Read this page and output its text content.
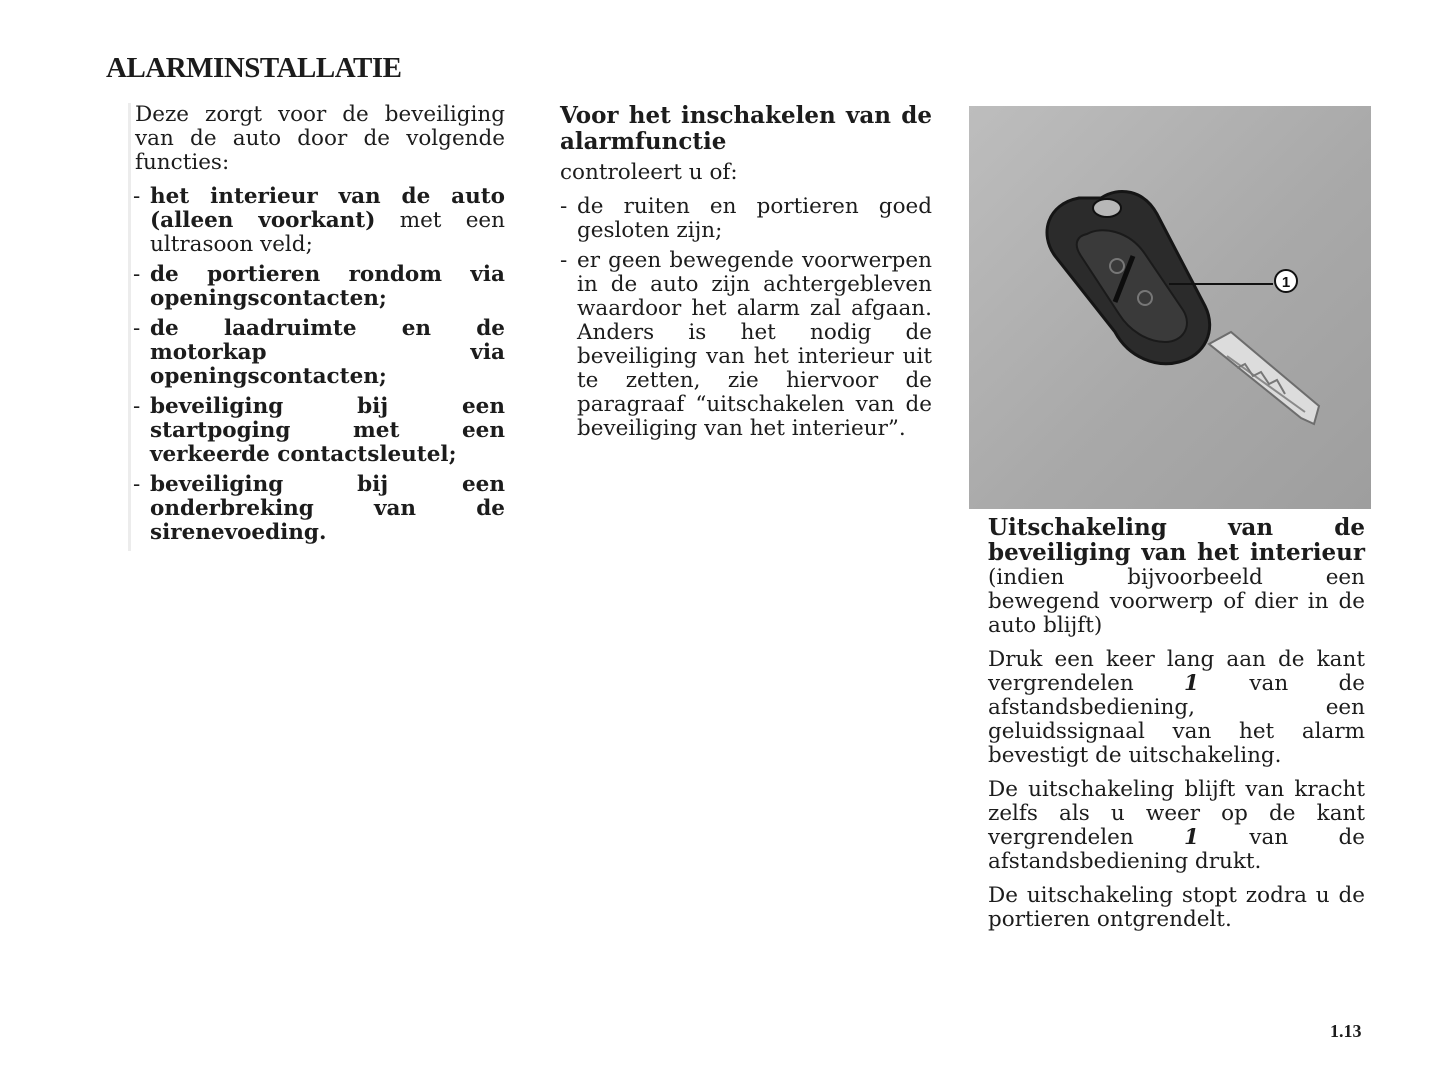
ALARMINSTALLATIE

Deze zorgt voor de beveiliging van de auto door de volgende functies:

- het interieur van de auto (alleen voorkant) met een ultrasoon veld;
- de portieren rondom via openingscontacten;
- de laadruimte en de motorkap via openingscontacten;
- beveiliging bij een startpoging met een verkeerde contactsleutel;
- beveiliging bij een onderbreking van de sirenevoeding.
Voor het inschakelen van de alarmfunctie

controleert u of:

- de ruiten en portieren goed gesloten zijn;
- er geen bewegende voorwerpen in de auto zijn achtergebleven waardoor het alarm zal afgaan. Anders is het nodig de beveiliging van het interieur uit te zetten, zie hiervoor de paragraaf “uitschakelen van de beveiliging van het interieur”.
1

Uitschakeling van de beveiliging van het interieur (indien bijvoorbeeld een bewegend voorwerp of dier in de auto blijft)

Druk een keer lang aan de kant vergrendelen 1 van de afstandsbediening, een geluidssignaal van het alarm bevestigt de uitschakeling.

De uitschakeling blijft van kracht zelfs als u weer op de kant vergrendelen 1 van de afstandsbediening drukt.

De uitschakeling stopt zodra u de portieren ontgrendelt.

1.13
